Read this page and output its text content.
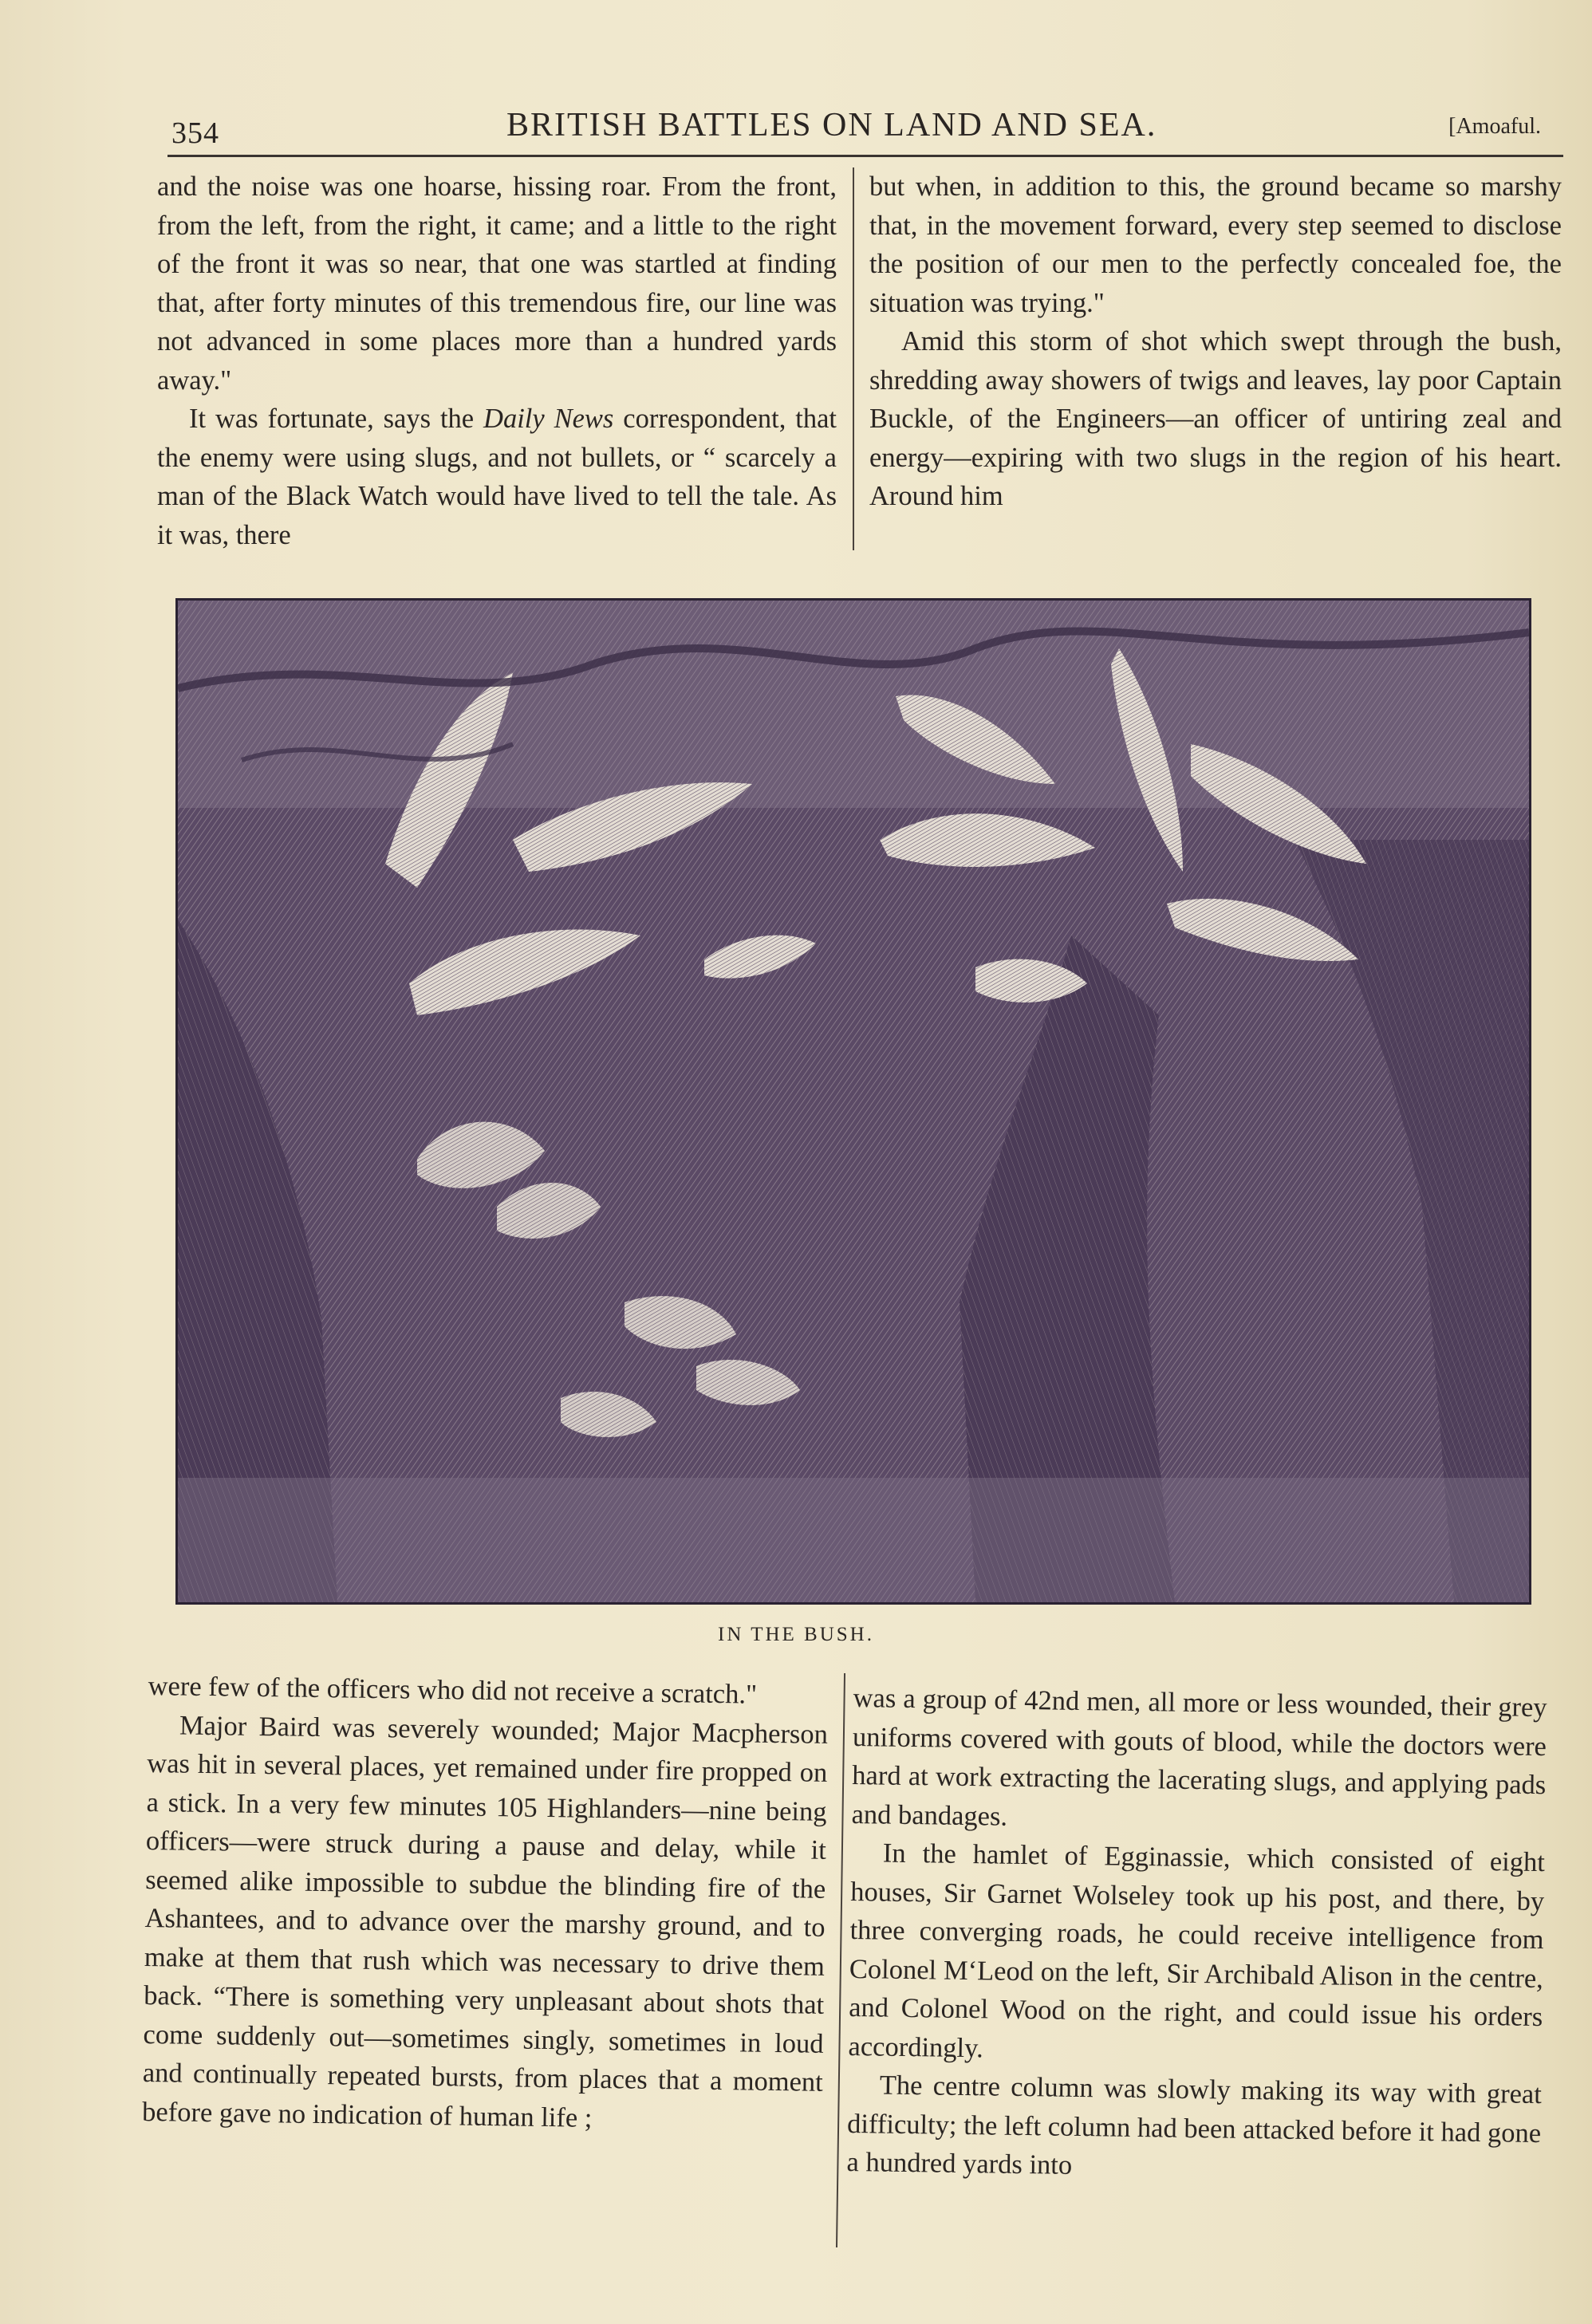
354	BRITISH BATTLES ON LAND AND SEA.	[Amoaful.

and the noise was one hoarse, hissing roar. From the front, from the left, from the right, it came; and a little to the right of the front it was so near, that one was startled at finding that, after forty minutes of this tremendous fire, our line was not advanced in some places more than a hundred yards away."

It was fortunate, says the Daily News correspondent, that the enemy were using slugs, and not bullets, or “ scarcely a man of the Black Watch would have lived to tell the tale. As it was, there

but when, in addition to this, the ground became so marshy that, in the movement forward, every step seemed to disclose the position of our men to the perfectly concealed foe, the situation was trying."

Amid this storm of shot which swept through the bush, shredding away showers of twigs and leaves, lay poor Captain Buckle, of the Engineers—an officer of untiring zeal and energy—expiring with two slugs in the region of his heart. Around him

IN THE BUSH.

were few of the officers who did not receive a scratch."

Major Baird was severely wounded; Major Macpherson was hit in several places, yet remained under fire propped on a stick. In a very few minutes 105 Highlanders—nine being officers—were struck during a pause and delay, while it seemed alike impossible to subdue the blinding fire of the Ashantees, and to advance over the marshy ground, and to make at them that rush which was necessary to drive them back. “There is something very unpleasant about shots that come suddenly out—sometimes singly, sometimes in loud and continually repeated bursts, from places that a moment before gave no indication of human life ;

was a group of 42nd men, all more or less wounded, their grey uniforms covered with gouts of blood, while the doctors were hard at work extracting the lacerating slugs, and applying pads and bandages.

In the hamlet of Egginassie, which consisted of eight houses, Sir Garnet Wolseley took up his post, and there, by three converging roads, he could receive intelligence from Colonel M‘Leod on the left, Sir Archibald Alison in the centre, and Colonel Wood on the right, and could issue his orders accordingly.

The centre column was slowly making its way with great difficulty; the left column had been attacked before it had gone a hundred yards into
